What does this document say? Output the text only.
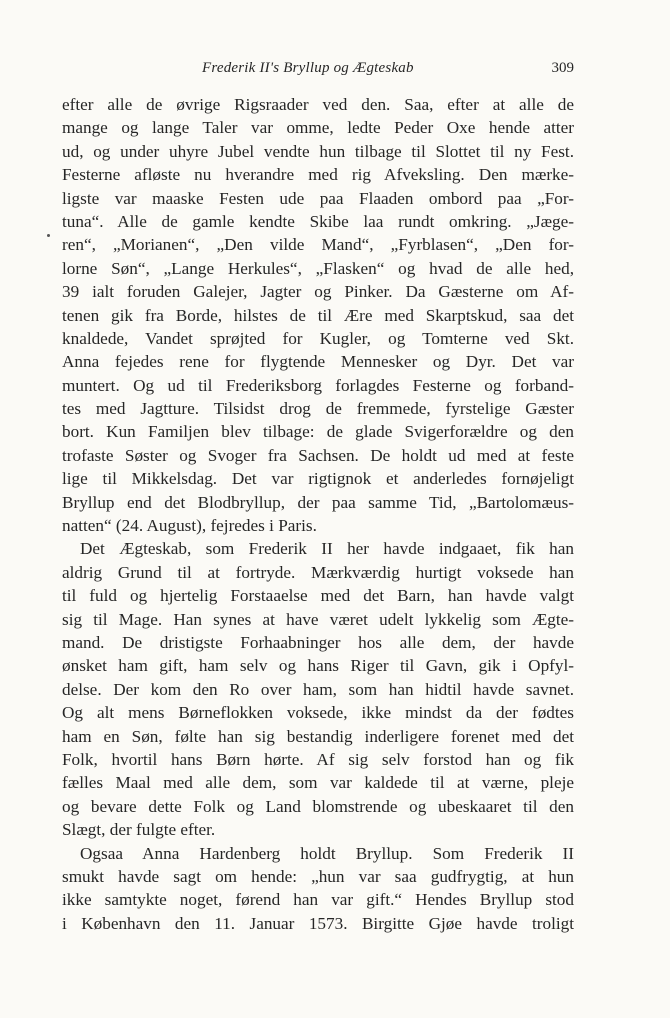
Frederik II's Bryllup og Ægteskab	309
efter alle de øvrige Rigsraader ved den. Saa, efter at alle de
mange og lange Taler var omme, ledte Peder Oxe hende atter
ud, og under uhyre Jubel vendte hun tilbage til Slottet til ny Fest.
Festerne afløste nu hverandre med rig Afveksling. Den mærke-
ligste var maaske Festen ude paa Flaaden ombord paa „For-
tuna“. Alle de gamle kendte Skibe laa rundt omkring. „Jæge-
ren“, „Morianen“, „Den vilde Mand“, „Fyrblasen“, „Den for-
lorne Søn“, „Lange Herkules“, „Flasken“ og hvad de alle hed,
39 ialt foruden Galejer, Jagter og Pinker. Da Gæsterne om Af-
tenen gik fra Borde, hilstes de til Ære med Skarptskud, saa det
knaldede, Vandet sprøjted for Kugler, og Tomterne ved Skt.
Anna fejedes rene for flygtende Mennesker og Dyr. Det var
muntert. Og ud til Frederiksborg forlagdes Festerne og forband-
tes med Jagtture. Tilsidst drog de fremmede, fyrstelige Gæster
bort. Kun Familjen blev tilbage: de glade Svigerforældre og den
trofaste Søster og Svoger fra Sachsen. De holdt ud med at feste
lige til Mikkelsdag. Det var rigtignok et anderledes fornøjeligt
Bryllup end det Blodbryllup, der paa samme Tid, „Bartolomæus-
natten“ (24. August), fejredes i Paris.
Det Ægteskab, som Frederik II her havde indgaaet, fik han
aldrig Grund til at fortryde. Mærkværdig hurtigt voksede han
til fuld og hjertelig Forstaaelse med det Barn, han havde valgt
sig til Mage. Han synes at have været udelt lykkelig som Ægte-
mand. De dristigste Forhaabninger hos alle dem, der havde
ønsket ham gift, ham selv og hans Riger til Gavn, gik i Opfyl-
delse. Der kom den Ro over ham, som han hidtil havde savnet.
Og alt mens Børneflokken voksede, ikke mindst da der fødtes
ham en Søn, følte han sig bestandig inderligere forenet med det
Folk, hvortil hans Børn hørte. Af sig selv forstod han og fik
fælles Maal med alle dem, som var kaldede til at værne, pleje
og bevare dette Folk og Land blomstrende og ubeskaaret til den
Slægt, der fulgte efter.
Ogsaa Anna Hardenberg holdt Bryllup. Som Frederik II
smukt havde sagt om hende: „hun var saa gudfrygtig, at hun
ikke samtykte noget, førend han var gift.“ Hendes Bryllup stod
i København den 11. Januar 1573. Birgitte Gjøe havde troligt
